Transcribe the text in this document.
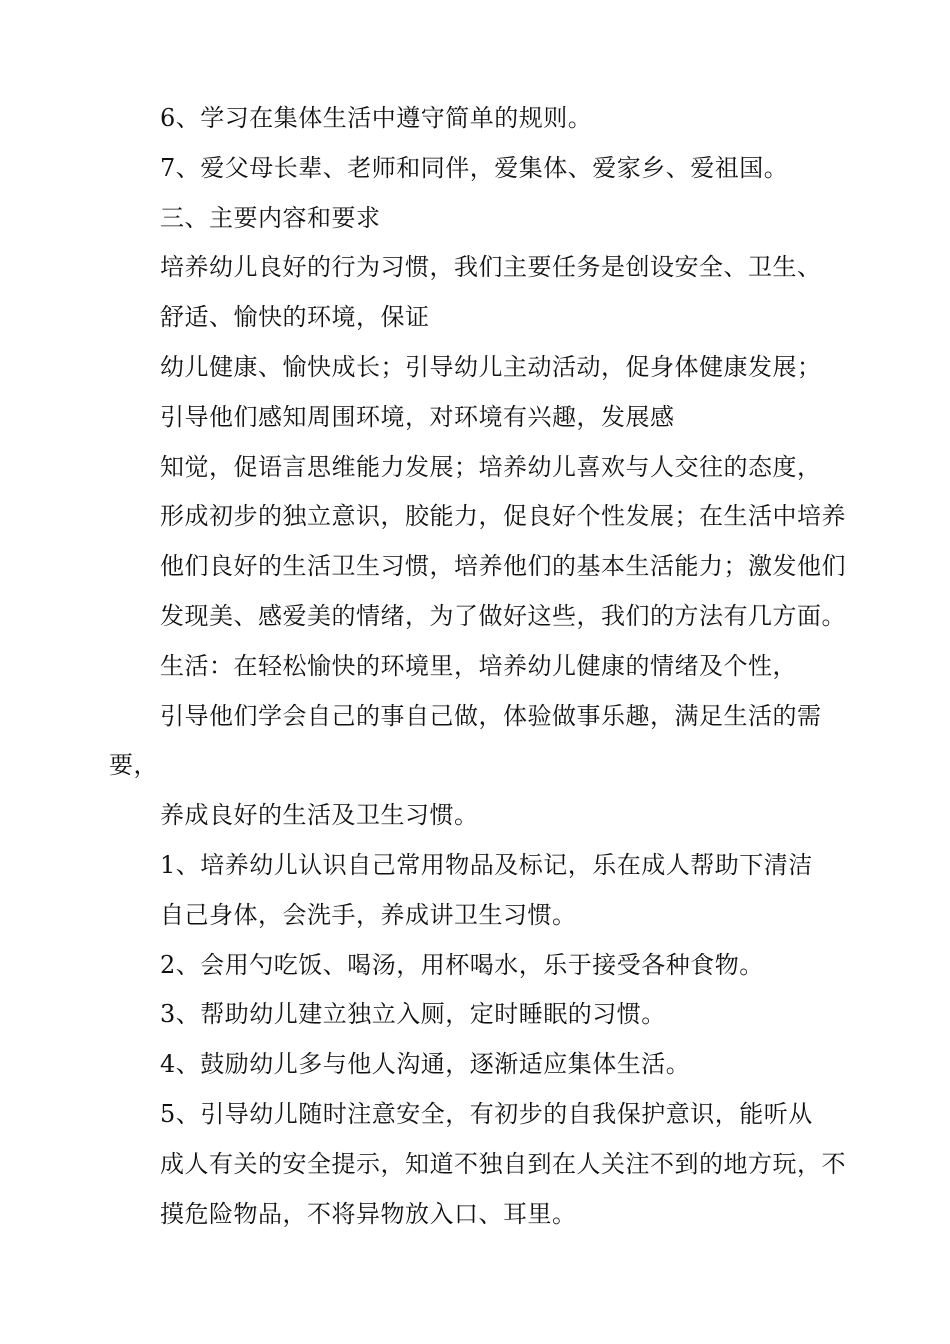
6、学习在集体生活中遵守简单的规则。

7、爱父母长辈、老师和同伴，爱集体、爱家乡、爱祖国。

三、主要内容和要求

培养幼儿良好的行为习惯，我们主要任务是创设安全、卫生、
舒适、愉快的环境，保证

幼儿健康、愉快成长；引导幼儿主动活动，促身体健康发展；
引导他们感知周围环境，对环境有兴趣，发展感

知觉，促语言思维能力发展；培养幼儿喜欢与人交往的态度，
形成初步的独立意识，胶能力，促良好个性发展；在生活中培养
他们良好的生活卫生习惯，培养他们的基本生活能力；激发他们
发现美、感爱美的情绪，为了做好这些，我们的方法有几方面。

生活：在轻松愉快的环境里，培养幼儿健康的情绪及个性，
引导他们学会自己的事自己做，体验做事乐趣，满足生活的需要，
养成良好的生活及卫生习惯。

1、培养幼儿认识自己常用物品及标记，乐在成人帮助下清洁
自己身体，会洗手，养成讲卫生习惯。

2、会用勺吃饭、喝汤，用杯喝水，乐于接受各种食物。

3、帮助幼儿建立独立入厕，定时睡眠的习惯。

4、鼓励幼儿多与他人沟通，逐渐适应集体生活。

5、引导幼儿随时注意安全，有初步的自我保护意识，能听从
成人有关的安全提示，知道不独自到在人关注不到的地方玩，不
摸危险物品，不将异物放入口、耳里。
